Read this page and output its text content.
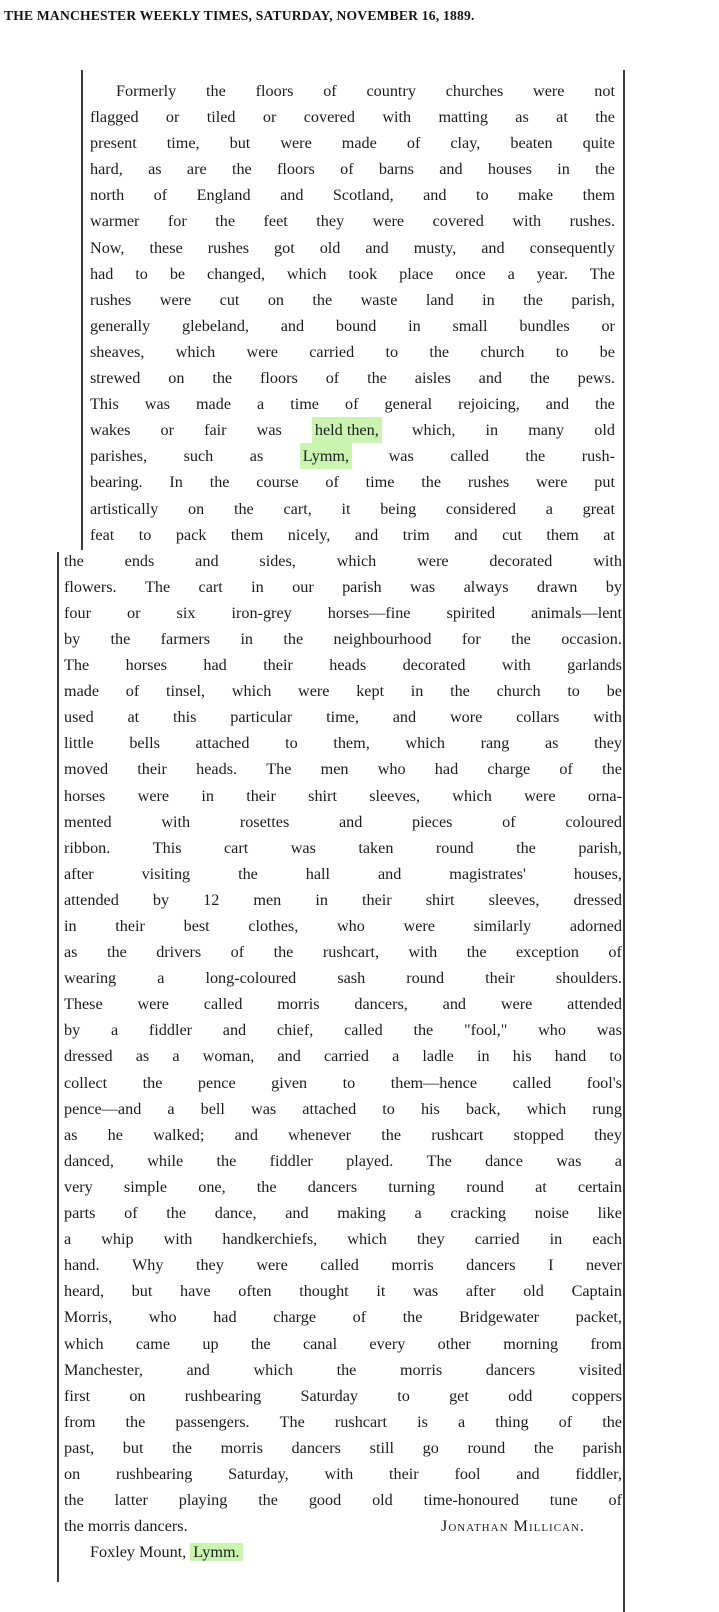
THE MANCHESTER WEEKLY TIMES, SATURDAY, NOVEMBER 16, 1889.
Formerly the floors of country churches were not
flagged or tiled or covered with matting as at the
present time, but were made of clay, beaten quite
hard, as are the floors of barns and houses in the
north of England and Scotland, and to make them
warmer for the feet they were covered with rushes.
Now, these rushes got old and musty, and consequently
had to be changed, which took place once a year. The
rushes were cut on the waste land in the parish,
generally glebeland, and bound in small bundles or
sheaves, which were carried to the church to be
strewed on the floors of the aisles and the pews.
This was made a time of general rejoicing, and the
wakes or fair was held then, which, in many old
parishes, such as Lymm, was called the rush-
bearing. In the course of time the rushes were put
artistically on the cart, it being considered a great
feat to pack them nicely, and trim and cut them at
the	ends	and	sides,	which	were	decorated	with
flowers. The cart in our parish was always drawn by
four or six iron-grey horses—fine spirited animals—lent
by the farmers in the neighbourhood for the occasion.
The horses had their heads decorated with garlands
made of tinsel, which were kept in the church to be
used at this particular time, and wore collars with
little bells attached to them, which rang as they
moved their heads. The men who had charge of the
horses were in their shirt sleeves, which were orna-
mented	with	rosettes	and	pieces	of	coloured
ribbon.	This	cart	was	taken	round	the	parish,
after	visiting	the	hall	and	magistrates'	houses,
attended by 12 men in their shirt sleeves, dressed
in their best clothes, who were similarly adorned
as the drivers of the rushcart, with the exception of
wearing	a	long-coloured	sash	round	their	shoulders.
These were called morris dancers, and were attended
by a fiddler and chief, called the "fool," who was
dressed as a woman, and carried a ladle in his hand to
collect the pence given to them—hence called fool's
pence—and a bell was attached to his back, which rung
as he walked; and whenever the rushcart stopped they
danced, while the fiddler played. The dance was a
very simple one, the dancers turning round at certain
parts of the dance, and making a cracking noise like
a whip with handkerchiefs, which they carried in each
hand. Why they were called morris dancers I never
heard, but have often thought it was after old Captain
Morris, who had charge of the Bridgewater packet,
which came up the canal every other morning from
Manchester,	and	which	the	morris	dancers	visited
first on rushbearing Saturday to get odd coppers
from the passengers. The rushcart is a thing of the
past, but the morris dancers still go round the parish
on rushbearing Saturday, with their fool and fiddler,
the latter playing the good old time-honoured tune of
the morris dancers.	Jonathan Millican.
Foxley Mount, Lymm.
